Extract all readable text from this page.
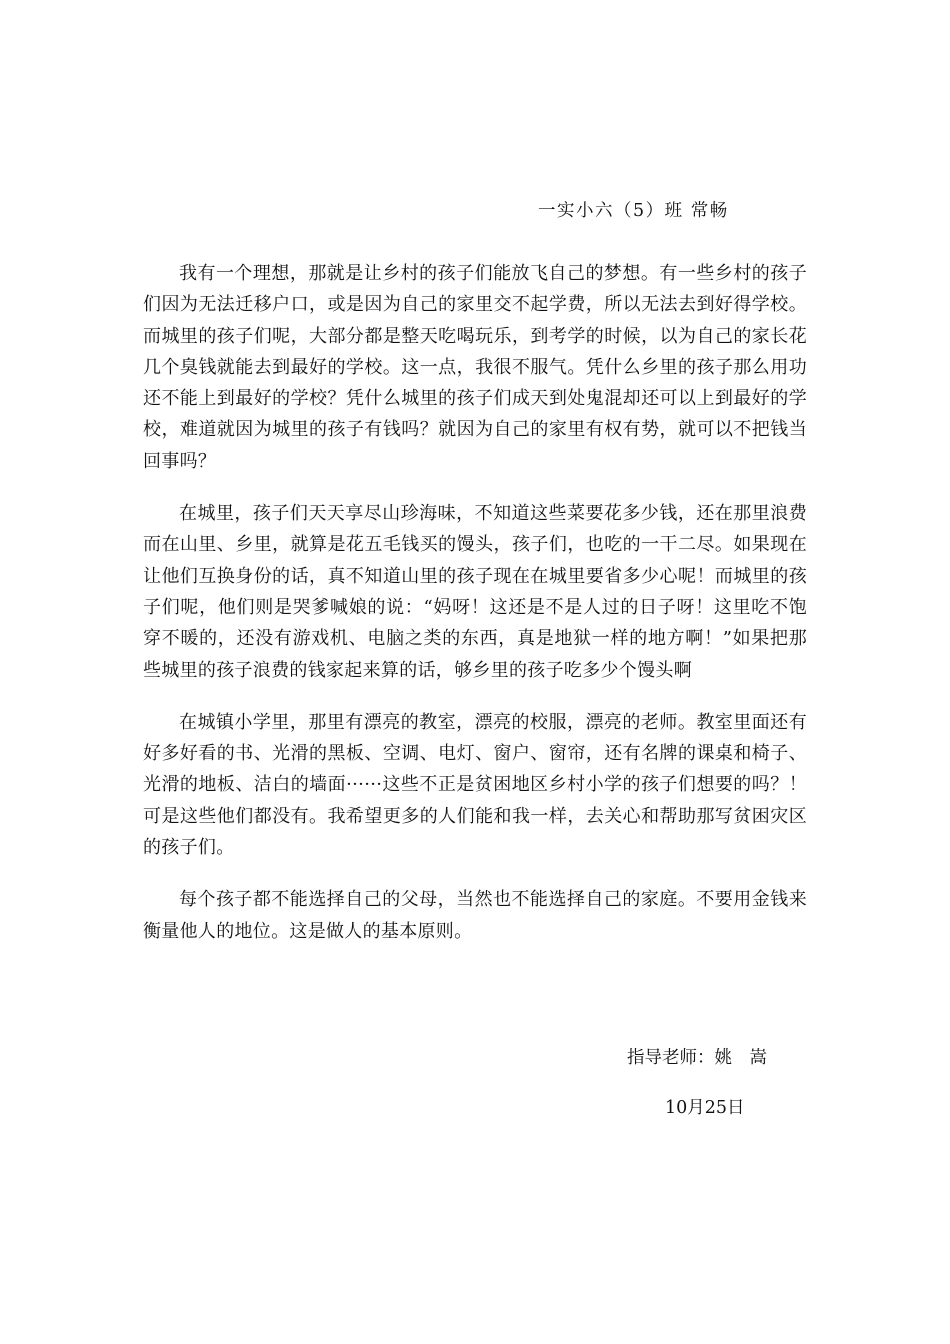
一实小六（5）班 常畅

我有一个理想，那就是让乡村的孩子们能放飞自己的梦想。有一些乡村的孩子们因为无法迁移户口，或是因为自己的家里交不起学费，所以无法去到好得学校。而城里的孩子们呢，大部分都是整天吃喝玩乐，到考学的时候，以为自己的家长花几个臭钱就能去到最好的学校。这一点，我很不服气。凭什么乡里的孩子那么用功还不能上到最好的学校？凭什么城里的孩子们成天到处鬼混却还可以上到最好的学校，难道就因为城里的孩子有钱吗？就因为自己的家里有权有势，就可以不把钱当回事吗？

在城里，孩子们天天享尽山珍海味，不知道这些菜要花多少钱，还在那里浪费而在山里、乡里，就算是花五毛钱买的馒头，孩子们，也吃的一干二尽。如果现在让他们互换身份的话，真不知道山里的孩子现在在城里要省多少心呢！而城里的孩子们呢，他们则是哭爹喊娘的说：“妈呀！这还是不是人过的日子呀！这里吃不饱穿不暖的，还没有游戏机、电脑之类的东西，真是地狱一样的地方啊！”如果把那些城里的孩子浪费的钱家起来算的话，够乡里的孩子吃多少个馒头啊

在城镇小学里，那里有漂亮的教室，漂亮的校服，漂亮的老师。教室里面还有好多好看的书、光滑的黑板、空调、电灯、窗户、窗帘，还有名牌的课桌和椅子、光滑的地板、洁白的墙面······这些不正是贫困地区乡村小学的孩子们想要的吗？！可是这些他们都没有。我希望更多的人们能和我一样，去关心和帮助那写贫困灾区的孩子们。

每个孩子都不能选择自己的父母，当然也不能选择自己的家庭。不要用金钱来衡量他人的地位。这是做人的基本原则。

指导老师：姚　嵩
10月25日
